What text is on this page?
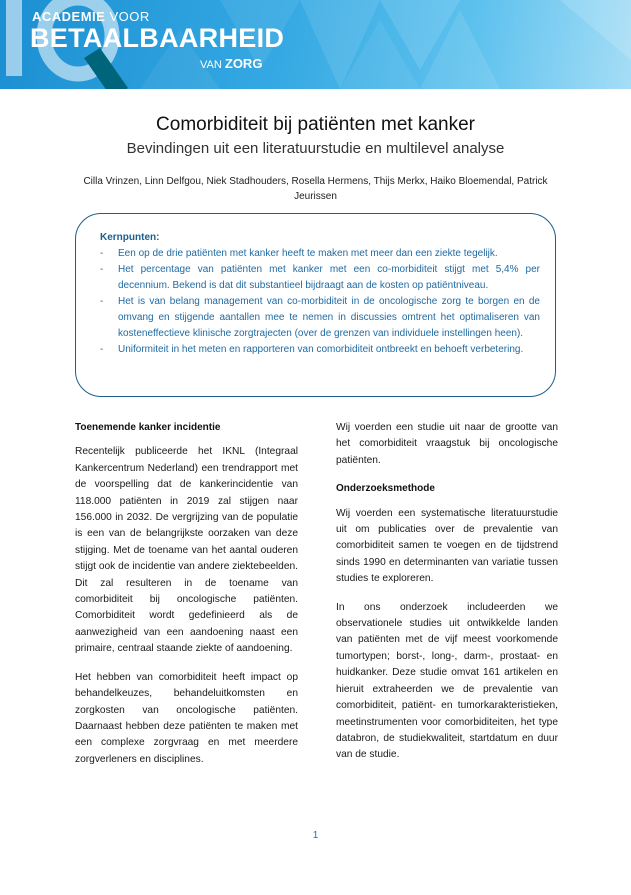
ACADEMIE VOOR
BETAALBAARHEID
VAN ZORG
Comorbiditeit bij patiënten met kanker
Bevindingen uit een literatuurstudie en multilevel analyse
Cilla Vrinzen, Linn Delfgou, Niek Stadhouders, Rosella Hermens, Thijs Merkx, Haiko Bloemendal, Patrick Jeurissen
Kernpunten:
- Een op de drie patiënten met kanker heeft te maken met meer dan een ziekte tegelijk.
- Het percentage van patiënten met kanker met een co-morbiditeit stijgt met 5,4% per decennium. Bekend is dat dit substantieel bijdraagt aan de kosten op patiëntniveau.
- Het is van belang management van co-morbiditeit in de oncologische zorg te borgen en de omvang en stijgende aantallen mee te nemen in discussies omtrent het optimaliseren van kosteneffectieve klinische zorgtrajecten (over de grenzen van individuele instellingen heen).
- Uniformiteit in het meten en rapporteren van comorbiditeit ontbreekt en behoeft verbetering.
Toenemende kanker incidentie

Recentelijk publiceerde het IKNL (Integraal Kankercentrum Nederland) een trendrapport met de voorspelling dat de kankerincidentie van 118.000 patiënten in 2019 zal stijgen naar 156.000 in 2032. De vergrijzing van de populatie is een van de belangrijkste oorzaken van deze stijging. Met de toename van het aantal ouderen stijgt ook de incidentie van andere ziektebeelden. Dit zal resulteren in de toename van comorbiditeit bij oncologische patiënten. Comorbiditeit wordt gedefinieerd als de aanwezigheid van een aandoening naast een primaire, centraal staande ziekte of aandoening.

Het hebben van comorbiditeit heeft impact op behandelkeuzes, behandeluitkomsten en zorgkosten van oncologische patiënten. Daarnaast hebben deze patiënten te maken met een complexe zorgvraag en met meerdere zorgverleners en disciplines.

Wij voerden een studie uit naar de grootte van het comorbiditeit vraagstuk bij oncologische patiënten.

Onderzoeksmethode

Wij voerden een systematische literatuurstudie uit om publicaties over de prevalentie van comorbiditeit samen te voegen en de tijdstrend sinds 1990 en determinanten van variatie tussen studies te exploreren.

In ons onderzoek includeerden we observationele studies uit ontwikkelde landen van patiënten met de vijf meest voorkomende tumortypen; borst-, long-, darm-, prostaat- en huidkanker. Deze studie omvat 161 artikelen en hieruit extraheerden we de prevalentie van comorbiditeit, patiënt- en tumorkarakteristieken, meetinstrumenten voor comorbiditeiten, het type databron, de studiekwaliteit, startdatum en duur van de studie.

1
